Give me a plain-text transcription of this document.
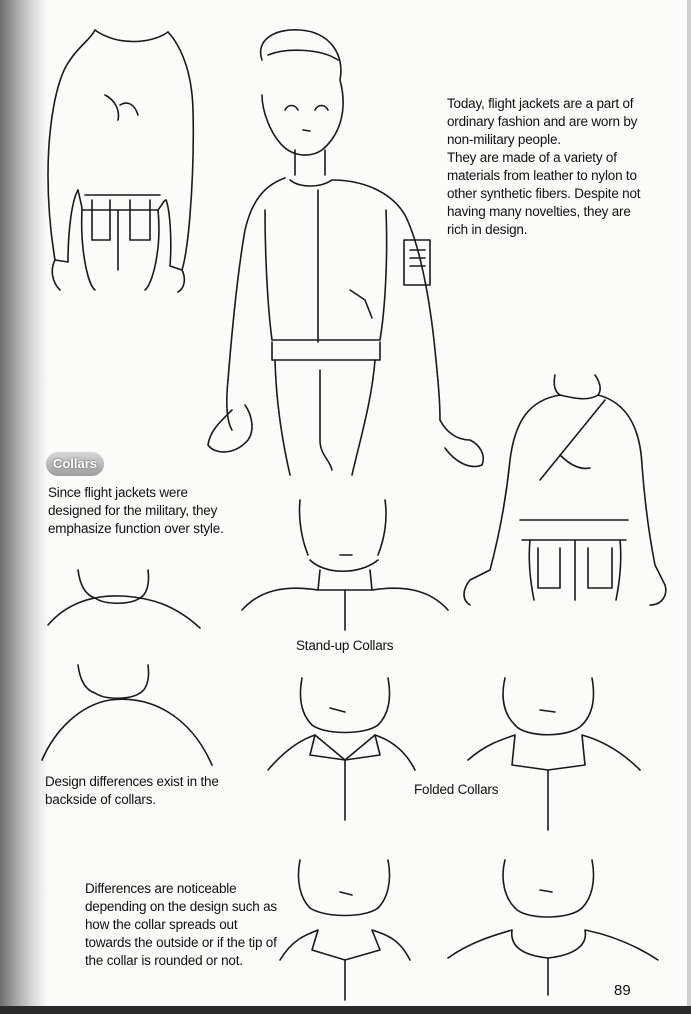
Today, flight jackets are a part of ordinary fashion and are worn by non-military people.

They are made of a variety of materials from leather to nylon to other synthetic fibers. Despite not having many novelties, they are rich in design.

Collars
Since flight jackets were designed for the military, they emphasize function over style.
Stand-up Collars
Design differences exist in the backside of collars.
Folded Collars
Differences are noticeable depending on the design such as how the collar spreads out towards the outside or if the tip of the collar is rounded or not.
89
